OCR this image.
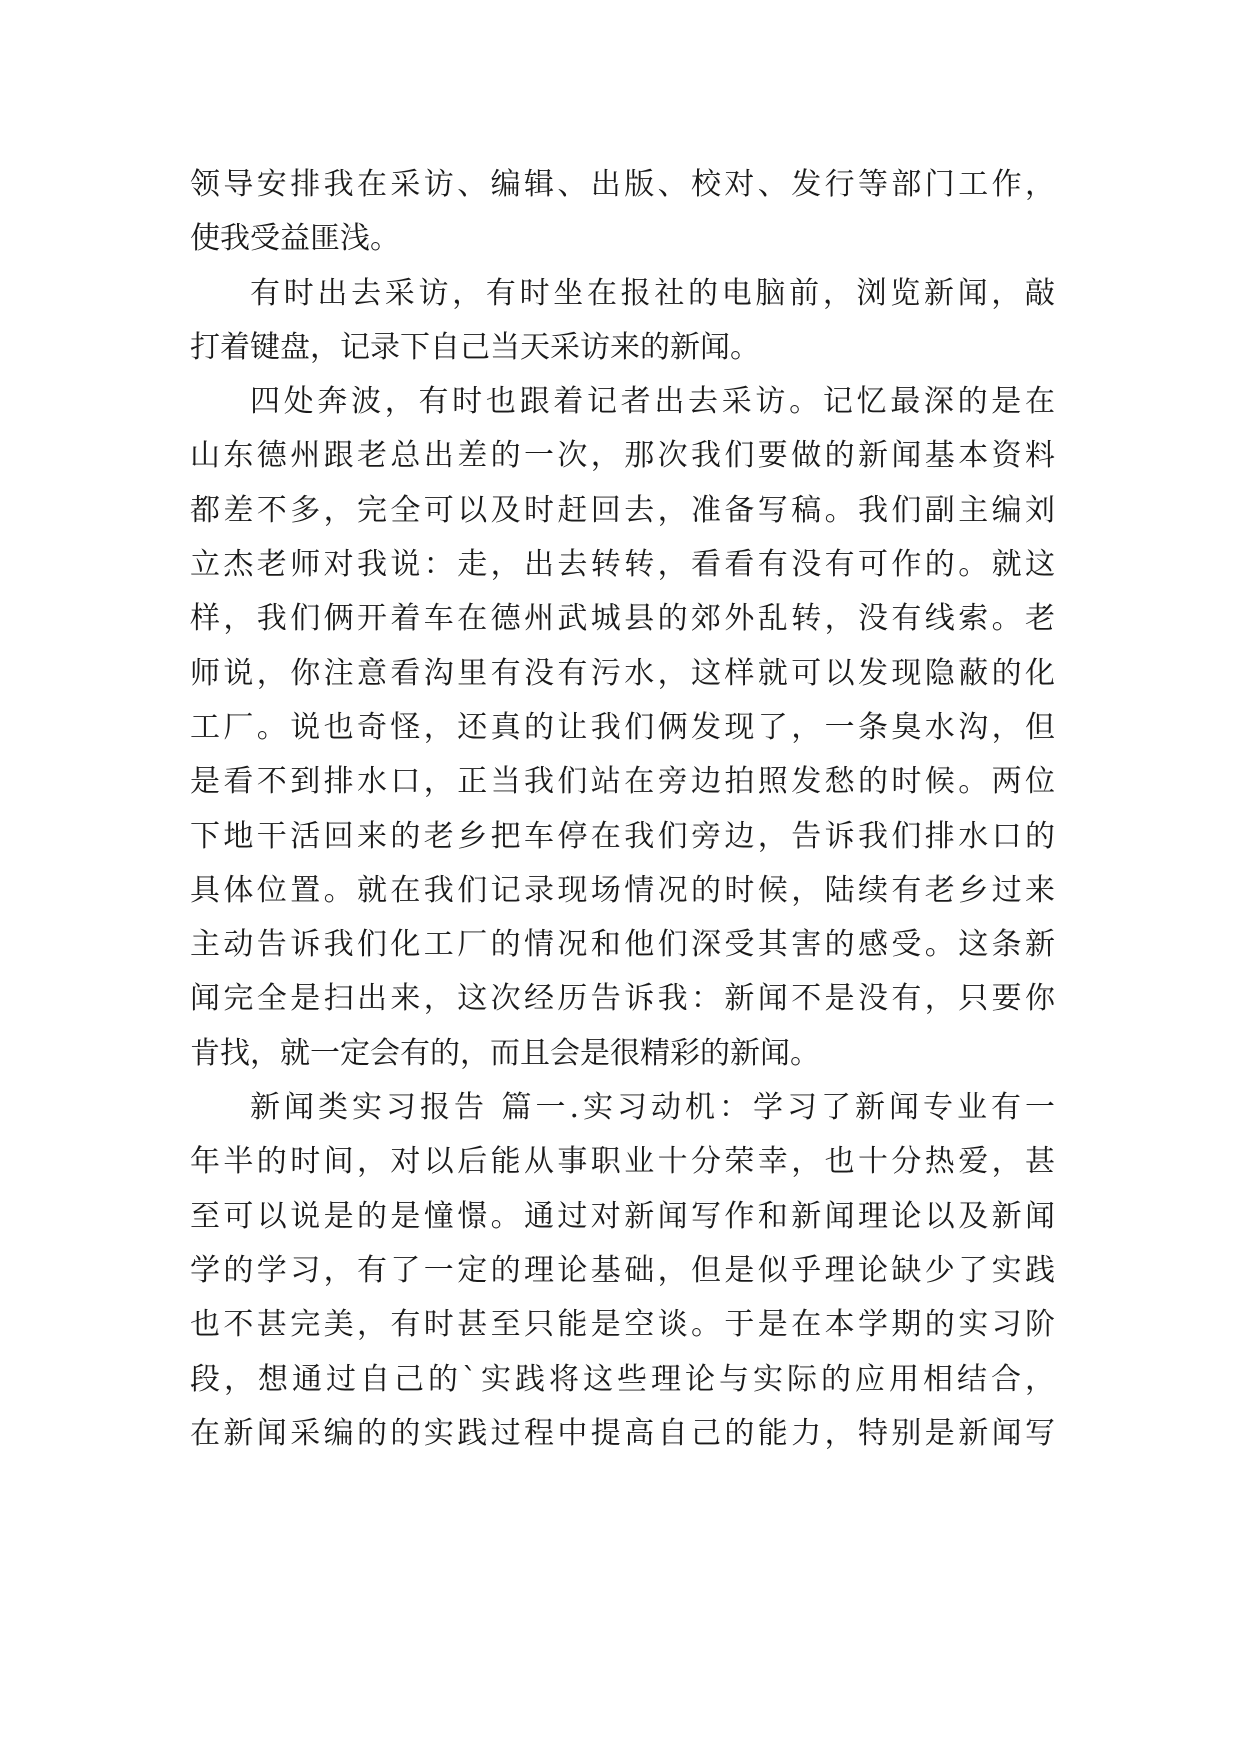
领导安排我在采访、编辑、出版、校对、发行等部门工作，
使我受益匪浅。
有时出去采访，有时坐在报社的电脑前，浏览新闻，敲
打着键盘，记录下自己当天采访来的新闻。
四处奔波，有时也跟着记者出去采访。记忆最深的是在
山东德州跟老总出差的一次，那次我们要做的新闻基本资料
都差不多，完全可以及时赶回去，准备写稿。我们副主编刘
立杰老师对我说：走，出去转转，看看有没有可作的。就这
样，我们俩开着车在德州武城县的郊外乱转，没有线索。老
师说，你注意看沟里有没有污水，这样就可以发现隐蔽的化
工厂。说也奇怪，还真的让我们俩发现了，一条臭水沟，但
是看不到排水口，正当我们站在旁边拍照发愁的时候。两位
下地干活回来的老乡把车停在我们旁边，告诉我们排水口的
具体位置。就在我们记录现场情况的时候，陆续有老乡过来
主动告诉我们化工厂的情况和他们深受其害的感受。这条新
闻完全是扫出来，这次经历告诉我：新闻不是没有，只要你
肯找，就一定会有的，而且会是很精彩的新闻。
新闻类实习报告 篇一.实习动机：学习了新闻专业有一
年半的时间，对以后能从事职业十分荣幸，也十分热爱，甚
至可以说是的是憧憬。通过对新闻写作和新闻理论以及新闻
学的学习，有了一定的理论基础，但是似乎理论缺少了实践
也不甚完美，有时甚至只能是空谈。于是在本学期的实习阶
段，想通过自己的`实践将这些理论与实际的应用相结合，
在新闻采编的的实践过程中提高自己的能力，特别是新闻写
